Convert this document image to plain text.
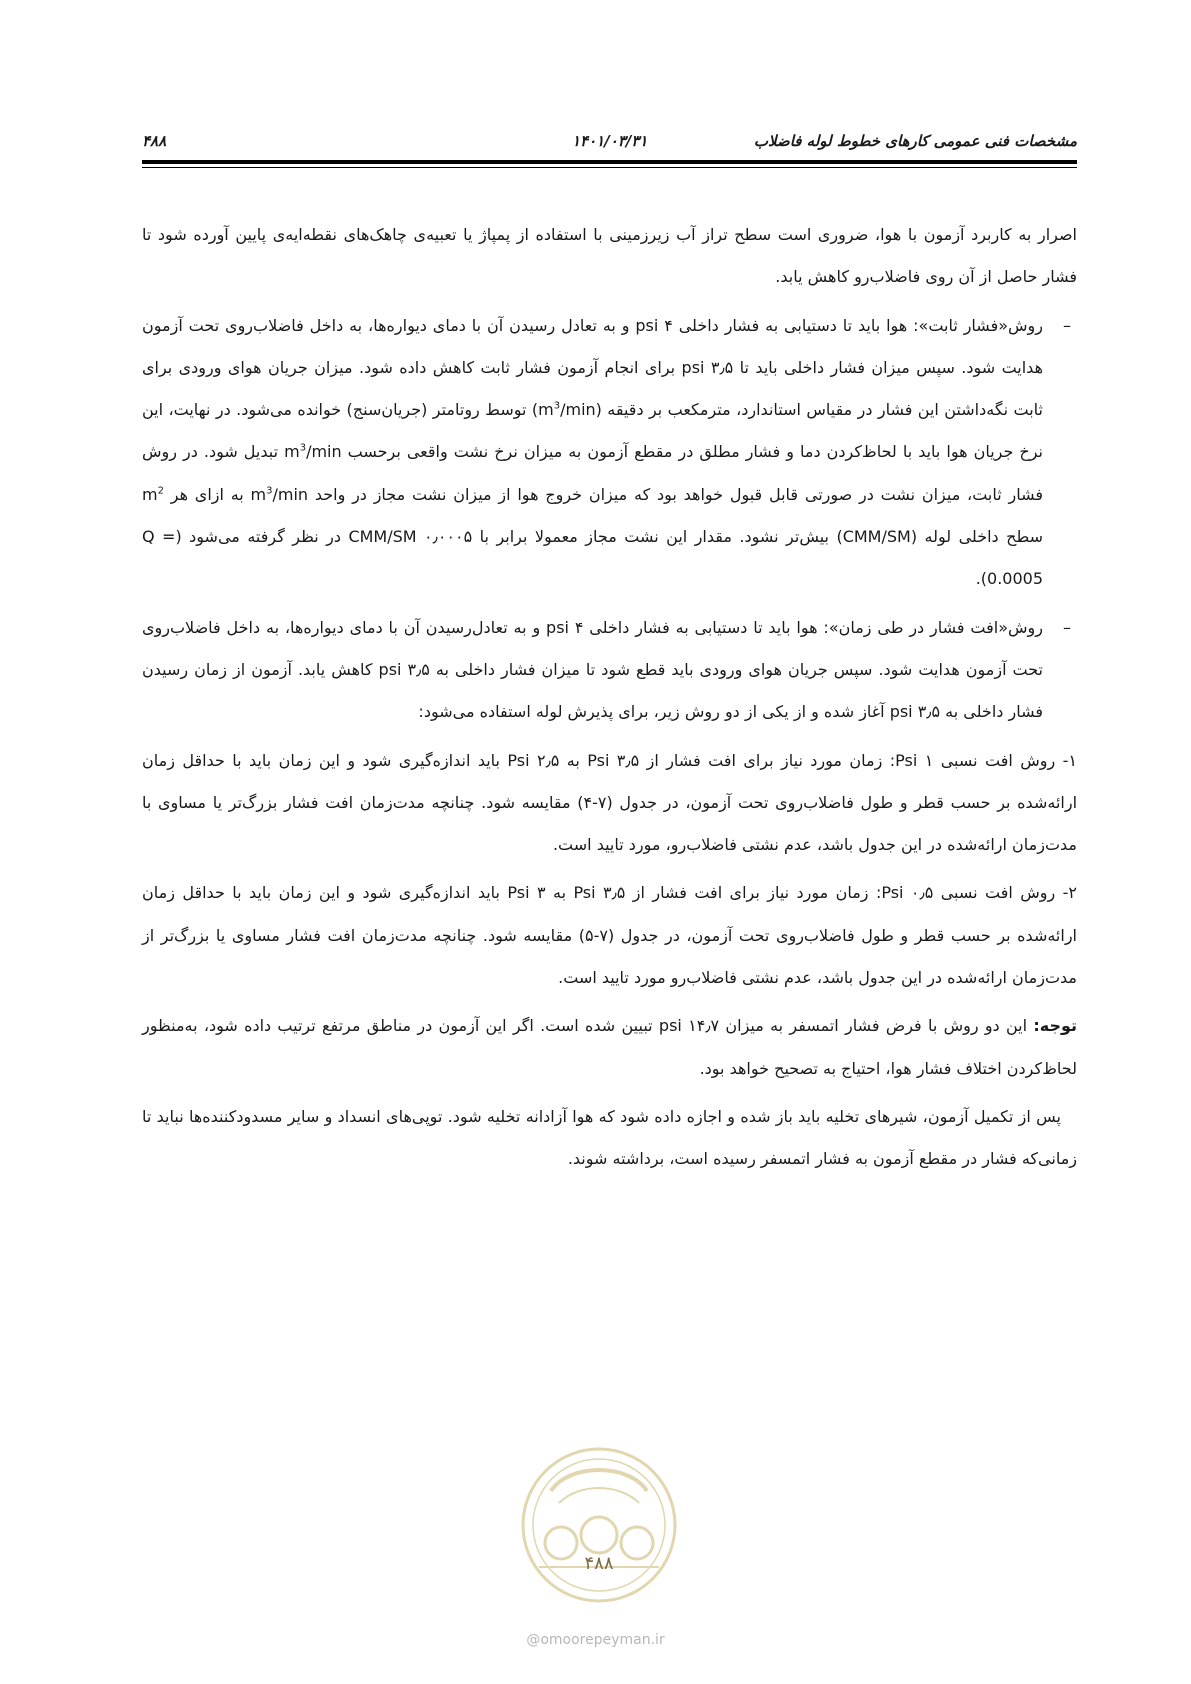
مشخصات فنی عمومی کارهای خطوط لوله فاضلاب
۱۴۰۱/۰۳/۳۱
۴۸۸

اصرار به کاربرد آزمون با هوا، ضروری است سطح تراز آب زیرزمینی با استفاده از پمپاژ یا تعبیه‌ی چاهک‌های نقطه‌ایه‌ی پایین آورده شود تا فشار حاصل از آن روی فاضلاب‌رو کاهش یابد.

–

روش«فشار ثابت»: هوا باید تا دستیابی به فشار داخلی psi ۴ و به تعادل رسیدن آن با دمای دیواره‌ها، به داخل فاضلاب‌روی تحت آزمون هدایت شود. سپس میزان فشار داخلی باید تا psi ۳٫۵ برای انجام آزمون فشار ثابت کاهش داده شود. میزان جریان هوای ورودی برای ثابت نگه‌داشتن این فشار در مقیاس استاندارد، مترمکعب بر دقیقه $(m^3/\min)$ توسط روتامتر (جریان‌سنج) خوانده می‌شود. در نهایت، این نرخ جریان هوا باید با لحاظ‌کردن دما و فشار مطلق در مقطع آزمون به میزان نرخ نشت واقعی برحسب $m^3/\min$ تبدیل شود. در روش فشار ثابت، میزان نشت در صورتی قابل قبول خواهد بود که میزان خروج هوا از میزان نشت مجاز در واحد $m^3/\min$ به ازای هر $m^2$ سطح داخلی لوله (CMM/SM) بیش‌تر نشود. مقدار این نشت مجاز معمولا برابر با CMM/SM ۰٫۰۰۰۵ در نظر گرفته می‌شود (Q = 0.0005).

–

روش«افت فشار در طی زمان»: هوا باید تا دستیابی به فشار داخلی psi ۴ و به تعادل‌رسیدن آن با دمای دیواره‌ها، به داخل فاضلاب‌روی تحت آزمون هدایت شود. سپس جریان هوای ورودی باید قطع شود تا میزان فشار داخلی به psi ۳٫۵ کاهش یابد. آزمون از زمان رسیدن فشار داخلی به psi ۳٫۵ آغاز شده و از یکی از دو روش زیر، برای پذیرش لوله استفاده می‌شود:

۱- روش افت نسبی Psi ۱: زمان مورد نیاز برای افت فشار از Psi ۳٫۵ به Psi ۲٫۵ باید اندازه‌گیری شود و این زمان باید با حداقل زمان ارائه‌شده بر حسب قطر و طول فاضلاب‌روی تحت آزمون، در جدول (۷-۴) مقایسه شود. چنانچه مدت‌زمان افت فشار بزرگ‌تر یا مساوی با مدت‌زمان ارائه‌شده در این جدول باشد، عدم نشتی فاضلاب‌رو، مورد تایید است.

۲- روش افت نسبی Psi ۰٫۵: زمان مورد نیاز برای افت فشار از Psi ۳٫۵ به Psi ۳ باید اندازه‌گیری شود و این زمان باید با حداقل زمان ارائه‌شده بر حسب قطر و طول فاضلاب‌روی تحت آزمون، در جدول (۷-۵) مقایسه شود. چنانچه مدت‌زمان افت فشار مساوی یا بزرگ‌تر از مدت‌زمان ارائه‌شده در این جدول باشد، عدم نشتی فاضلاب‌رو مورد تایید است.

توجه: این دو روش با فرض فشار اتمسفر به میزان psi ۱۴٫۷ تبیین شده است. اگر این آزمون در مناطق مرتفع ترتیب داده شود، به‌منظور لحاظ‌کردن اختلاف فشار هوا، احتیاج به تصحیح خواهد بود.

پس از تکمیل آزمون، شیرهای تخلیه باید باز شده و اجازه داده شود که هوا آزادانه تخلیه شود. توپی‌های انسداد و سایر مسدودکننده‌ها نباید تا زمانی‌که فشار در مقطع آزمون به فشار اتمسفر رسیده است، برداشته شوند.

۴۸۸
@omoorepeyman.ir
